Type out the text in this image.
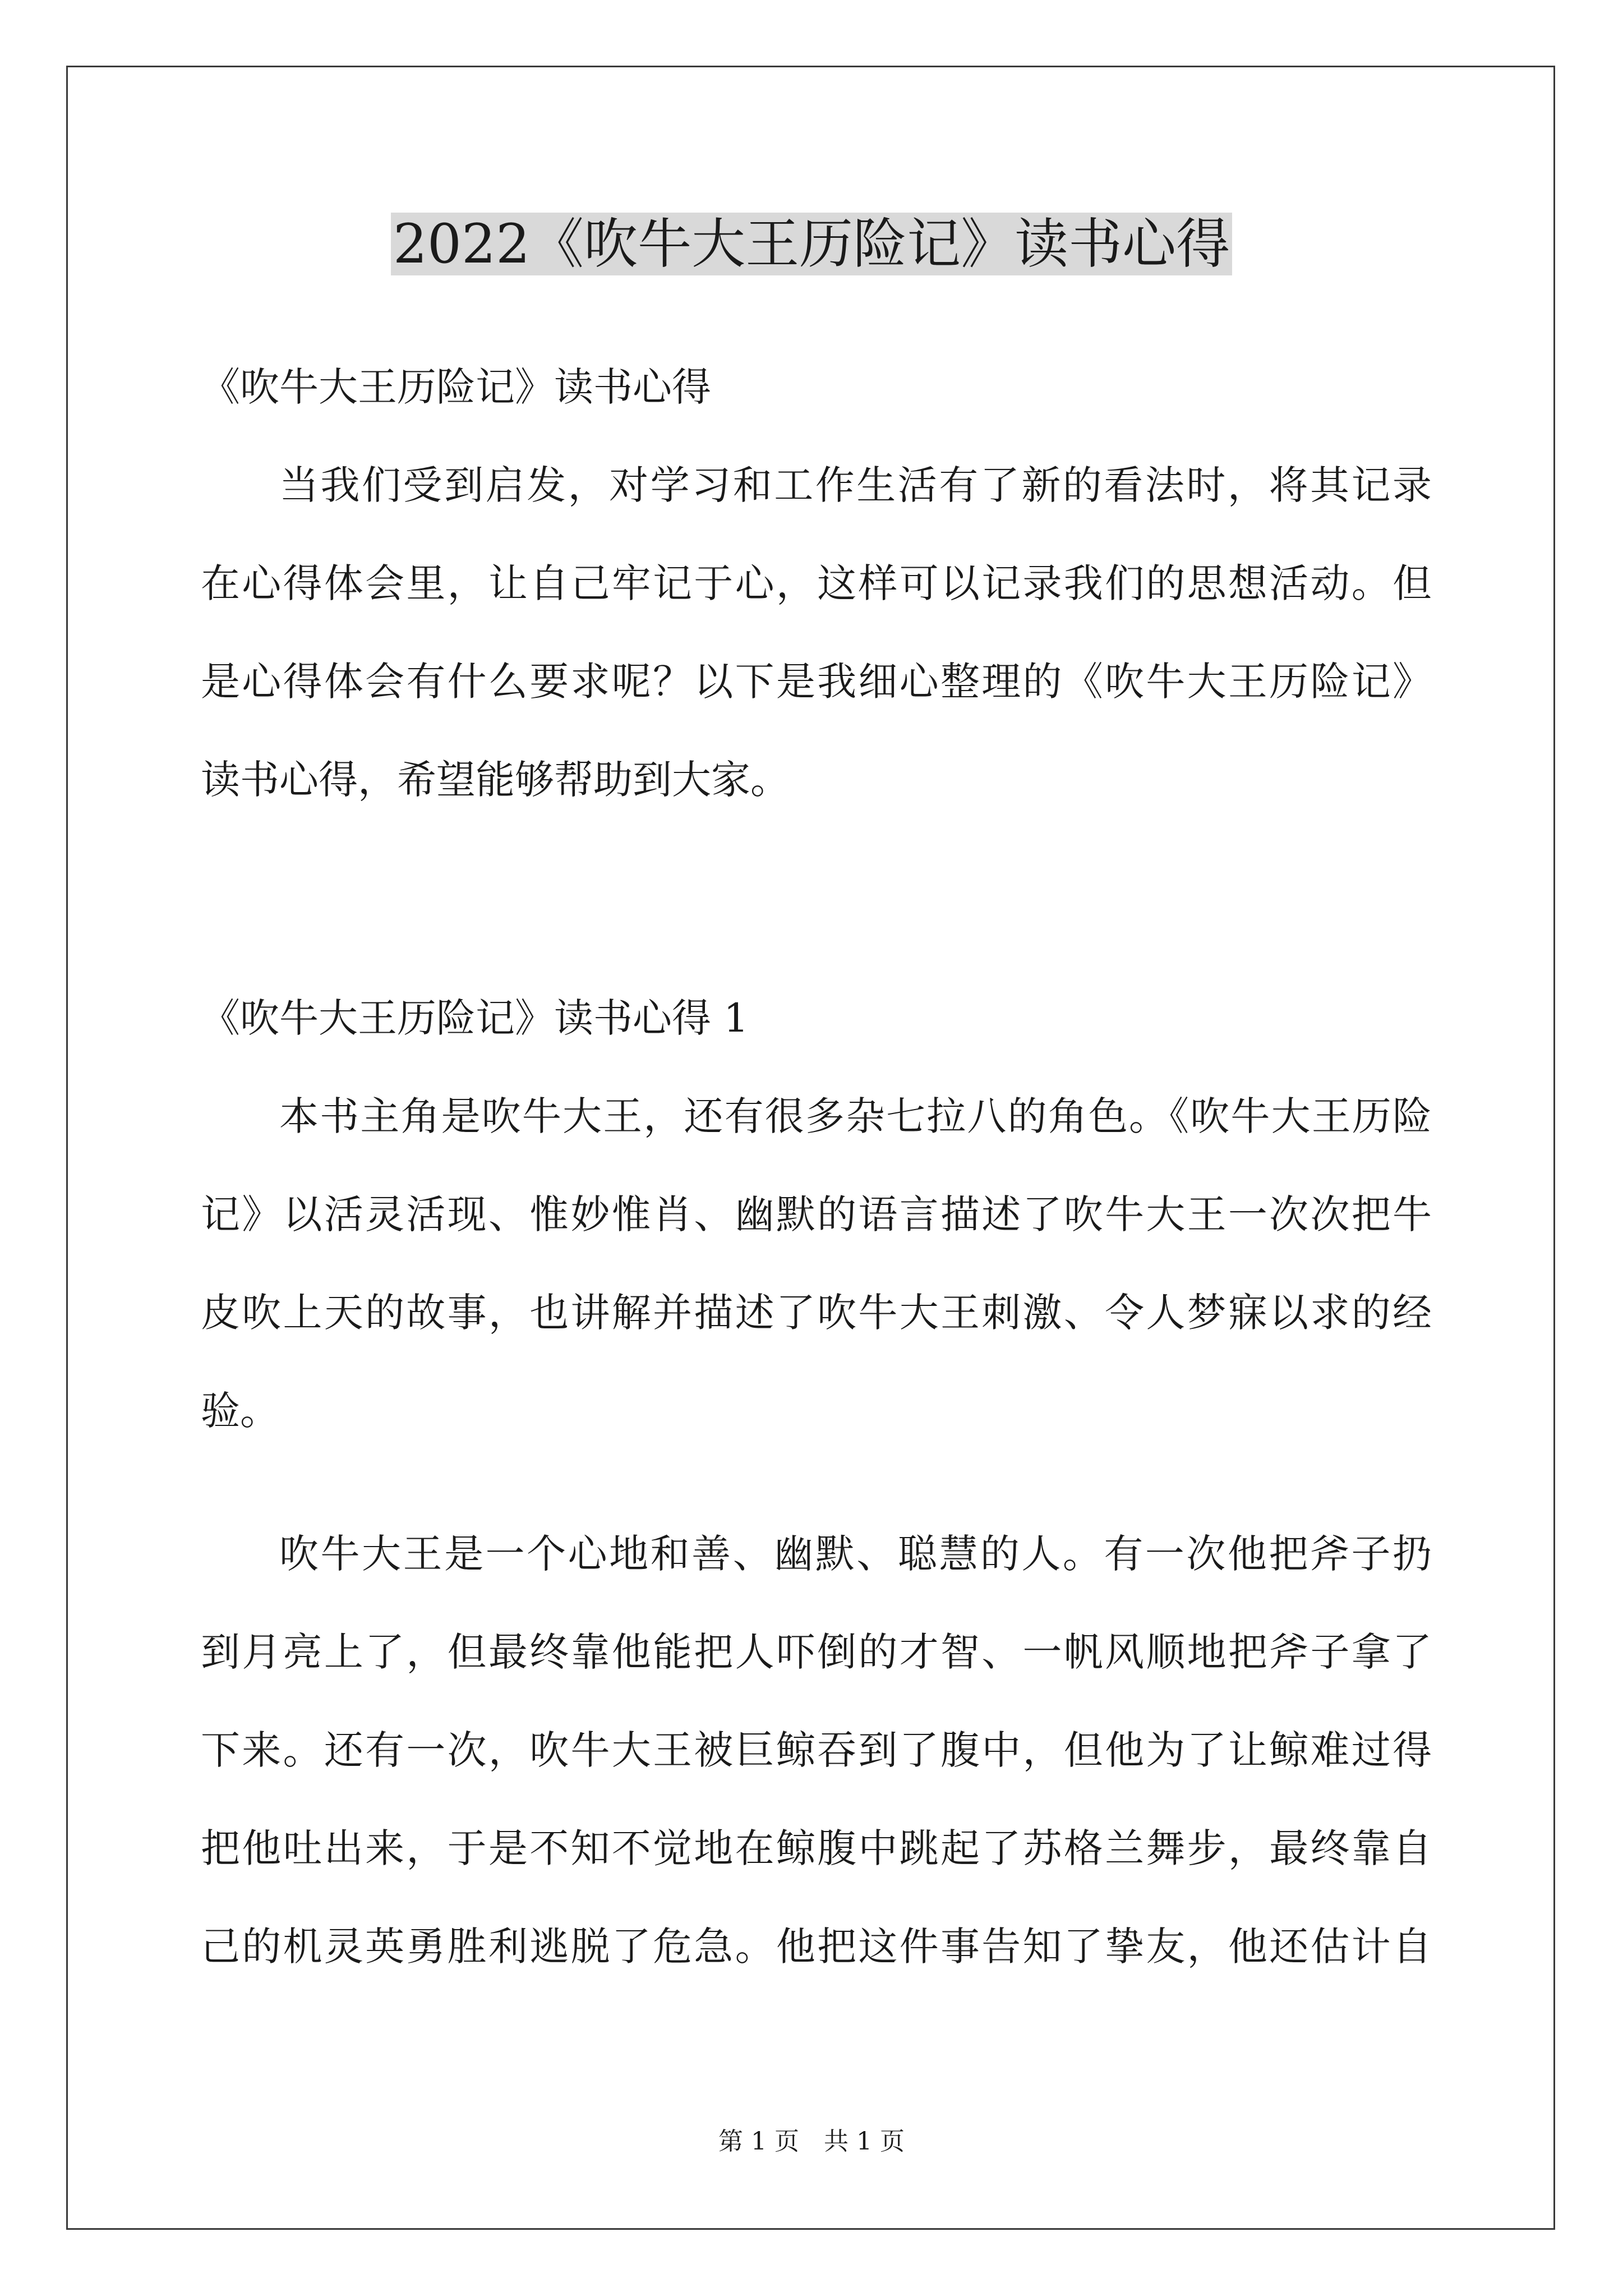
2022《吹牛大王历险记》读书心得
《吹牛大王历险记》读书心得
当我们受到启发，对学习和工作生活有了新的看法时，将其记录
在心得体会里，让自己牢记于心，这样可以记录我们的思想活动。但
是心得体会有什么要求呢？以下是我细心整理的《吹牛大王历险记》
读书心得，希望能够帮助到大家。
《吹牛大王历险记》读书心得 1
本书主角是吹牛大王，还有很多杂七拉八的角色。《吹牛大王历险
记》以活灵活现、惟妙惟肖、幽默的语言描述了吹牛大王一次次把牛
皮吹上天的故事，也讲解并描述了吹牛大王刺激、令人梦寐以求的经
验。
吹牛大王是一个心地和善、幽默、聪慧的人。有一次他把斧子扔
到月亮上了，但最终靠他能把人吓倒的才智、一帆风顺地把斧子拿了
下来。还有一次，吹牛大王被巨鲸吞到了腹中，但他为了让鲸难过得
把他吐出来，于是不知不觉地在鲸腹中跳起了苏格兰舞步，最终靠自
己的机灵英勇胜利逃脱了危急。他把这件事告知了挚友，他还估计自
第 1 页　共 1 页
